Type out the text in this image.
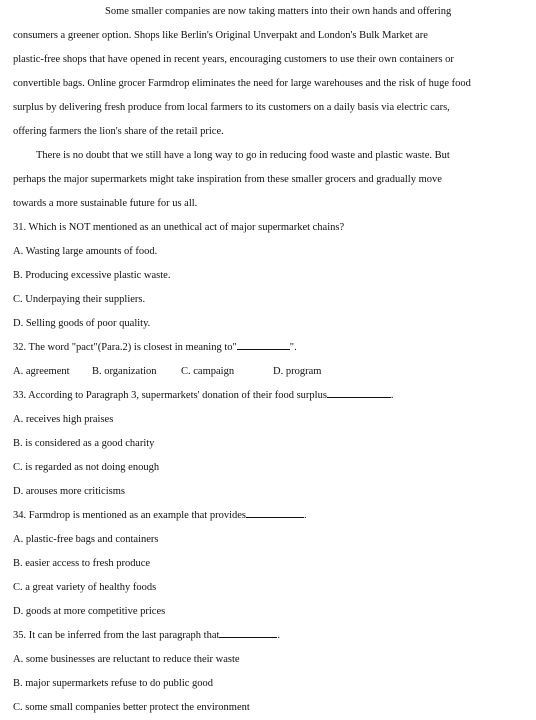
Some smaller companies are now taking matters into their own hands and offering
consumers a greener option. Shops like Berlin's Original Unverpakt and London's Bulk Market are
plastic-free shops that have opened in recent years, encouraging customers to use their own containers or
convertible bags. Online grocer Farmdrop eliminates the need for large warehouses and the risk of huge food
surplus by delivering fresh produce from local farmers to its customers on a daily basis via electric cars,
offering farmers the lion's share of the retail price.
There is no doubt that we still have a long way to go in reducing food waste and plastic waste. But
perhaps the major supermarkets might take inspiration from these smaller grocers and gradually move
towards a more sustainable future for us all.
31. Which is NOT mentioned as an unethical act of major supermarket chains?
A. Wasting large amounts of food.
B. Producing excessive plastic waste.
C. Underpaying their suppliers.
D. Selling goods of poor quality.
32. The word "pact"(Para.2) is closest in meaning to"	".
A. agreement B. organization C. campaign	D. program
33. According to Paragraph 3, supermarkets' donation of their food surplus	.
A. receives high praises
B. is considered as a good charity
C. is regarded as not doing enough
D. arouses more criticisms
34. Farmdrop is mentioned as an example that provides	.
A. plastic-free bags and containers
B. easier access to fresh produce
C. a great variety of healthy foods
D. goods at more competitive prices
35. It can be inferred from the last paragraph that	.
A. some businesses are reluctant to reduce their waste
B. major supermarkets refuse to do public good
C. some small companies better protect the environment
